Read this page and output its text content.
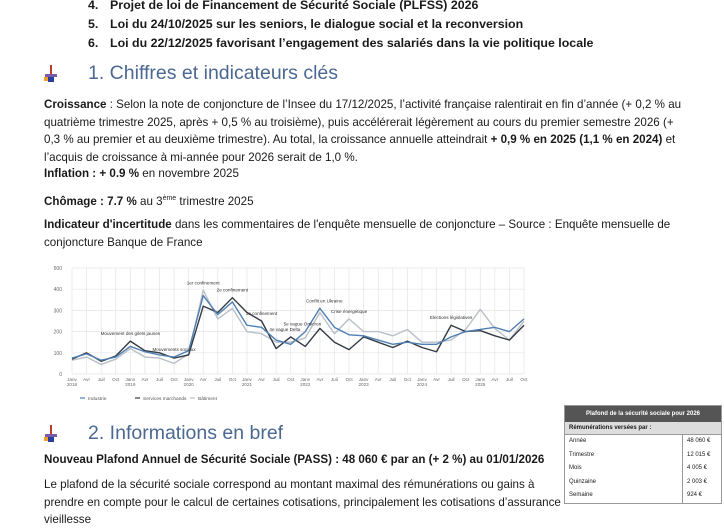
4. Projet de loi de Financement de Sécurité Sociale (PLFSS) 2026
5. Loi du 24/10/2025 sur les seniors, le dialogue social et la reconversion
6. Loi du 22/12/2025 favorisant l’engagement des salariés dans la vie politique locale
1. Chiffres et indicateurs clés
Croissance : Selon la note de conjoncture de l’Insee du 17/12/2025, l’activité française ralentirait en fin d’année (+ 0,2 % au quatrième trimestre 2025, après + 0,5 % au troisième), puis accélérerait légèrement au cours du premier semestre 2026 (+ 0,3 % au premier et au deuxième trimestre). Au total, la croissance annuelle atteindrait + 0,9 % en 2025 (1,1 % en 2024) et l’acquis de croissance à mi-année pour 2026 serait de 1,0 %.
Inflation : + 0.9 % en novembre 2025
Chômage : 7.7 % au 3ème trimestre 2025
Indicateur d'incertitude dans les commentaires de l'enquête mensuelle de conjoncture – Source : Enquête mensuelle de conjoncture Banque de France
0
100
200
300
400
500
Janv 2018
Avr Juil Oct Janv 2019
Avr Juil Oct Janv 2020
Avr Juil Oct Janv 2021
Avr Juil Oct Janv 2022
Avr Juil Oct Janv 2023
Avr Juil Oct Janv 2024
Avr Juil Oct Janv 2025
Avr Juil Oct
Mouvement des gilets jaunes
Mouvements sociaux
1er confinement
2e confinement
3e confinement
4e vague Delta
5e vague Omicron
Conflit en Ukraine
Crise énergétique
Elections législatives
Industrie	Services marchands Bâtiment
2. Informations en bref
Nouveau Plafond Annuel de Sécurité Sociale (PASS) : 48 060 € par an (+ 2 %) au 01/01/2026
Le plafond de la sécurité sociale correspond au montant maximal des rémunérations ou gains à prendre en compte pour le calcul de certaines cotisations, principalement les cotisations d’assurance vieillesse
Plafond de la sécurité sociale pour 2026
Rémunérations versées par :
Année	48 060 €
Trimestre	12 015 €
Mois	4 005 €
Quinzaine	2 003 €
Semaine	924 €
